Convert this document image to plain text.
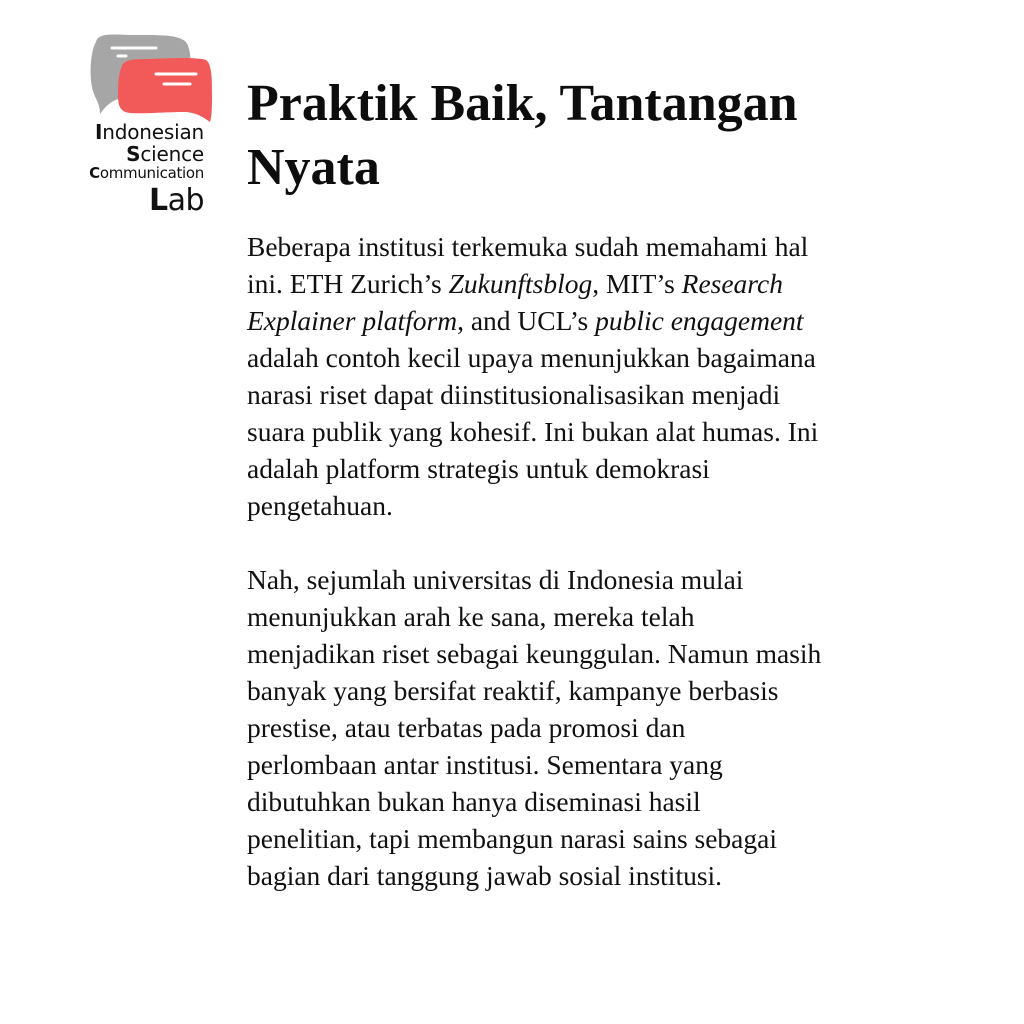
Indonesian
Science
Communication
Lab
Praktik Baik, Tantangan
Nyata

Beberapa institusi terkemuka sudah memahami hal
ini. ETH Zurich’s Zukunftsblog, MIT’s Research
Explainer platform, and UCL’s public engagement
adalah contoh kecil upaya menunjukkan bagaimana
narasi riset dapat diinstitusionalisasikan menjadi
suara publik yang kohesif. Ini bukan alat humas. Ini
adalah platform strategis untuk demokrasi
pengetahuan.

Nah, sejumlah universitas di Indonesia mulai
menunjukkan arah ke sana, mereka telah
menjadikan riset sebagai keunggulan. Namun masih
banyak yang bersifat reaktif, kampanye berbasis
prestise, atau terbatas pada promosi dan
perlombaan antar institusi. Sementara yang
dibutuhkan bukan hanya diseminasi hasil
penelitian, tapi membangun narasi sains sebagai
bagian dari tanggung jawab sosial institusi.
